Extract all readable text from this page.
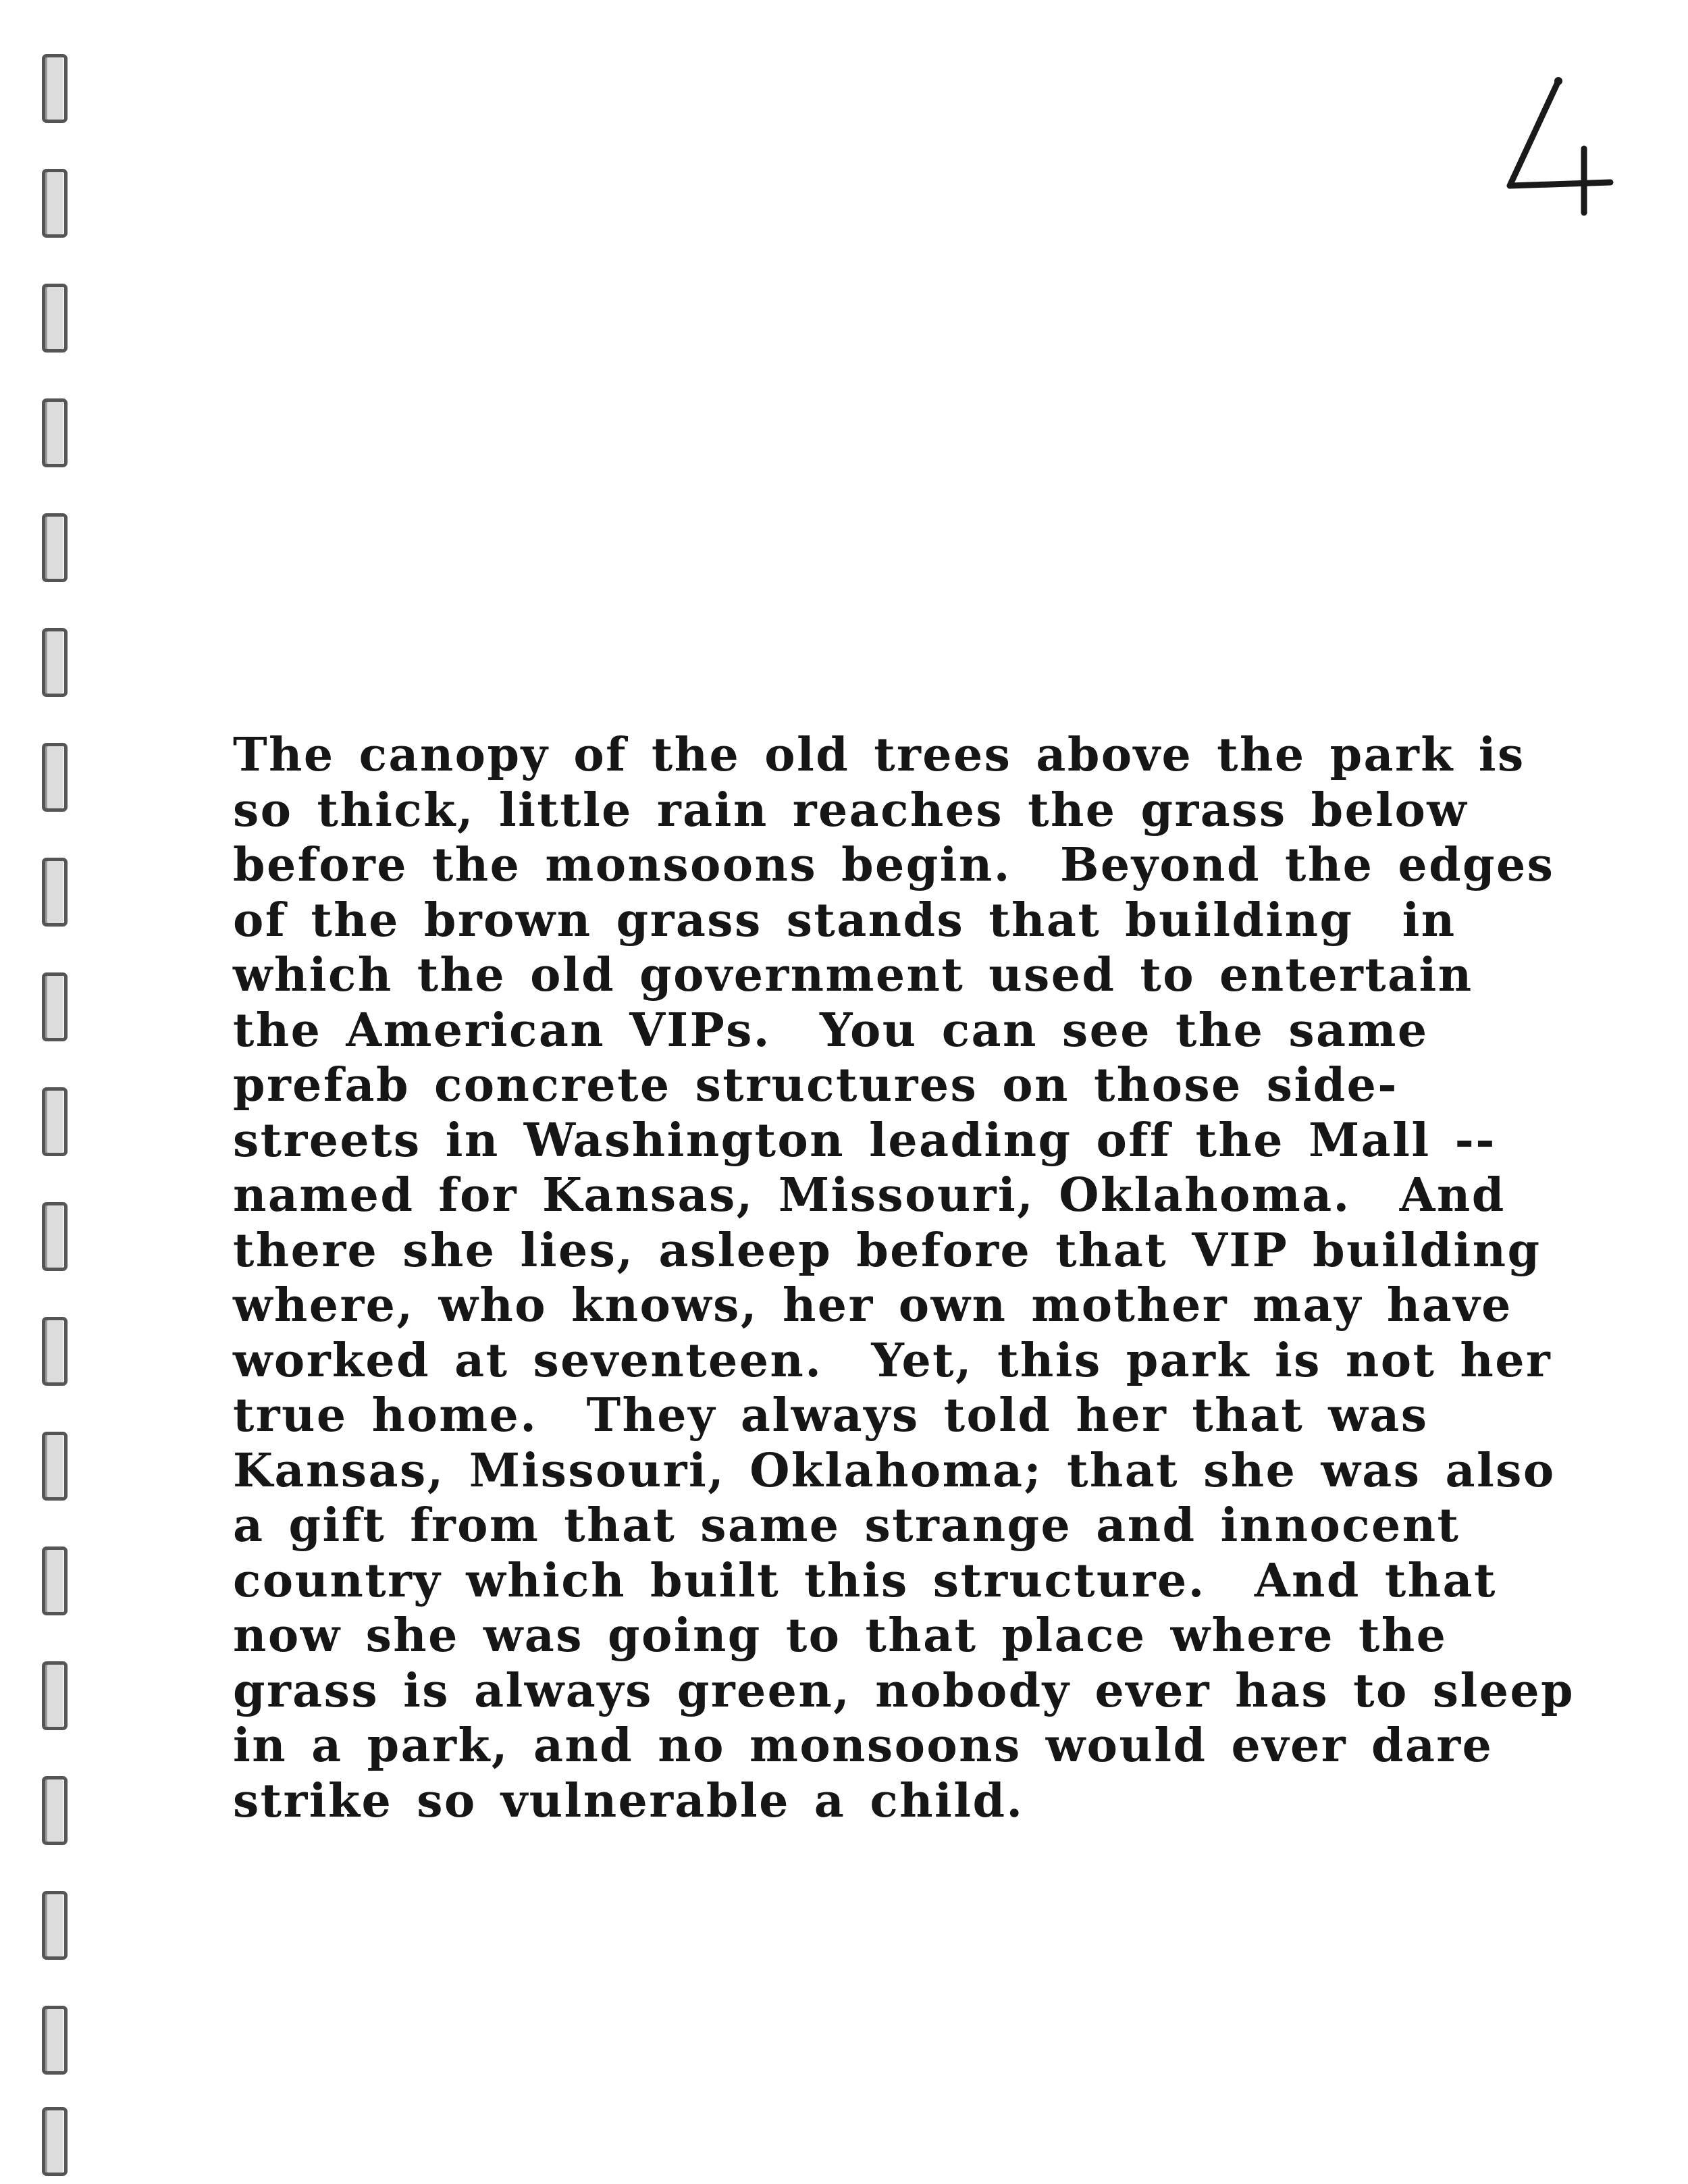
The canopy of the old trees above the park is
so thick, little rain reaches the grass below
before the monsoons begin.  Beyond the edges
of the brown grass stands that building  in
which the old government used to entertain
the American VIPs.  You can see the same
prefab concrete structures on those side-
streets in Washington leading off the Mall --
named for Kansas, Missouri, Oklahoma.  And
there she lies, asleep before that VIP building
where, who knows, her own mother may have
worked at seventeen.  Yet, this park is not her
true home.  They always told her that was
Kansas, Missouri, Oklahoma; that she was also
a gift from that same strange and innocent
country which built this structure.  And that
now she was going to that place where the
grass is always green, nobody ever has to sleep
in a park, and no monsoons would ever dare
strike so vulnerable a child.
